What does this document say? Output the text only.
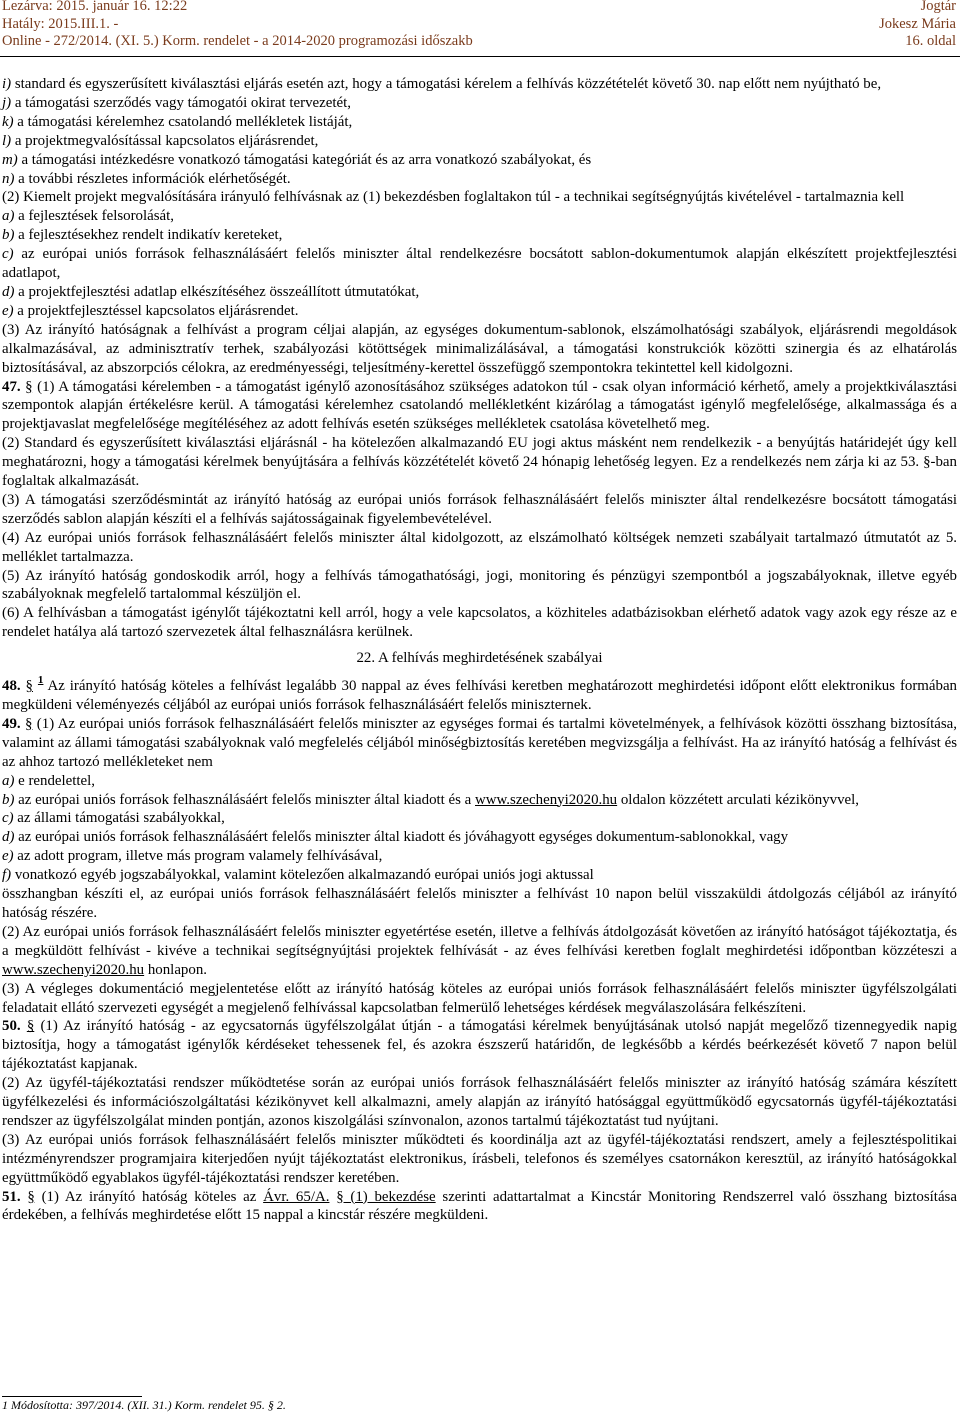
Lezárva: 2015. január 16. 12:22
Hatály: 2015.III.1. -
Online - 272/2014. (XI. 5.) Korm. rendelet - a 2014-2020 programozási időszakb
Jogtár
Jokesz Mária
16. oldal

i) standard és egyszerűsített kiválasztási eljárás esetén azt, hogy a támogatási kérelem a felhívás közzétételét követő 30. nap előtt nem nyújtható be,

j) a támogatási szerződés vagy támogatói okirat tervezetét,

k) a támogatási kérelemhez csatolandó mellékletek listáját,

l) a projektmegvalósítással kapcsolatos eljárásrendet,

m) a támogatási intézkedésre vonatkozó támogatási kategóriát és az arra vonatkozó szabályokat, és

n) a további részletes információk elérhetőségét.

(2) Kiemelt projekt megvalósítására irányuló felhívásnak az (1) bekezdésben foglaltakon túl - a technikai segítségnyújtás kivételével - tartalmaznia kell

a) a fejlesztések felsorolását,

b) a fejlesztésekhez rendelt indikatív kereteket,

c) az európai uniós források felhasználásáért felelős miniszter által rendelkezésre bocsátott sablon-dokumentumok alapján elkészített projektfejlesztési adatlapot,

d) a projektfejlesztési adatlap elkészítéséhez összeállított útmutatókat,

e) a projektfejlesztéssel kapcsolatos eljárásrendet.

(3) Az irányító hatóságnak a felhívást a program céljai alapján, az egységes dokumentum-sablonok, elszámolhatósági szabályok, eljárásrendi megoldások alkalmazásával, az adminisztratív terhek, szabályozási kötöttségek minimalizálásával, a támogatási konstrukciók közötti szinergia és az elhatárolás biztosításával, az abszorpciós célokra, az eredményességi, teljesítmény-kerettel összefüggő szempontokra tekintettel kell kidolgozni.

47. § (1) A támogatási kérelemben - a támogatást igénylő azonosításához szükséges adatokon túl - csak olyan információ kérhető, amely a projektkiválasztási szempontok alapján értékelésre kerül. A támogatási kérelemhez csatolandó mellékletként kizárólag a támogatást igénylő megfelelősége, alkalmassága és a projektjavaslat megfelelősége megítéléséhez az adott felhívás esetén szükséges mellékletek csatolása követelhető meg.

(2) Standard és egyszerűsített kiválasztási eljárásnál - ha kötelezően alkalmazandó EU jogi aktus másként nem rendelkezik - a benyújtás határidejét úgy kell meghatározni, hogy a támogatási kérelmek benyújtására a felhívás közzétételét követő 24 hónapig lehetőség legyen. Ez a rendelkezés nem zárja ki az 53. §-ban foglaltak alkalmazását.

(3) A támogatási szerződésmintát az irányító hatóság az európai uniós források felhasználásáért felelős miniszter által rendelkezésre bocsátott támogatási szerződés sablon alapján készíti el a felhívás sajátosságainak figyelembevételével.

(4) Az európai uniós források felhasználásáért felelős miniszter által kidolgozott, az elszámolható költségek nemzeti szabályait tartalmazó útmutatót az 5. melléklet tartalmazza.

(5) Az irányító hatóság gondoskodik arról, hogy a felhívás támogathatósági, jogi, monitoring és pénzügyi szempontból a jogszabályoknak, illetve egyéb szabályoknak megfelelő tartalommal készüljön el.

(6) A felhívásban a támogatást igénylőt tájékoztatni kell arról, hogy a vele kapcsolatos, a közhiteles adatbázisokban elérhető adatok vagy azok egy része az e rendelet hatálya alá tartozó szervezetek által felhasználásra kerülnek.

22. A felhívás meghirdetésének szabályai

48. § $^1$ Az irányító hatóság köteles a felhívást legalább 30 nappal az éves felhívási keretben meghatározott meghirdetési időpont előtt elektronikus formában megküldeni véleményezés céljából az európai uniós források felhasználásáért felelős miniszternek.

49. § (1) Az európai uniós források felhasználásáért felelős miniszter az egységes formai és tartalmi követelmények, a felhívások közötti összhang biztosítása, valamint az állami támogatási szabályoknak való megfelelés céljából minőségbiztosítás keretében megvizsgálja a felhívást. Ha az irányító hatóság a felhívást és az ahhoz tartozó mellékleteket nem

a) e rendelettel,

b) az európai uniós források felhasználásáért felelős miniszter által kiadott és a www.szechenyi2020.hu oldalon közzétett arculati kézikönyvvel,

c) az állami támogatási szabályokkal,

d) az európai uniós források felhasználásáért felelős miniszter által kiadott és jóváhagyott egységes dokumentum-sablonokkal, vagy

e) az adott program, illetve más program valamely felhívásával,

f) vonatkozó egyéb jogszabályokkal, valamint kötelezően alkalmazandó európai uniós jogi aktussal

összhangban készíti el, az európai uniós források felhasználásáért felelős miniszter a felhívást 10 napon belül visszaküldi átdolgozás céljából az irányító hatóság részére.

(2) Az európai uniós források felhasználásáért felelős miniszter egyetértése esetén, illetve a felhívás átdolgozását követően az irányító hatóságot tájékoztatja, és a megküldött felhívást - kivéve a technikai segítségnyújtási projektek felhívását - az éves felhívási keretben foglalt meghirdetési időpontban közzéteszi a www.szechenyi2020.hu honlapon.

(3) A végleges dokumentáció megjelentetése előtt az irányító hatóság köteles az európai uniós források felhasználásáért felelős miniszter ügyfélszolgálati feladatait ellátó szervezeti egységét a megjelenő felhívással kapcsolatban felmerülő lehetséges kérdések megválaszolására felkészíteni.

50. § (1) Az irányító hatóság - az egycsatornás ügyfélszolgálat útján - a támogatási kérelmek benyújtásának utolsó napját megelőző tizennegyedik napig biztosítja, hogy a támogatást igénylők kérdéseket tehessenek fel, és azokra észszerű határidőn, de legkésőbb a kérdés beérkezését követő 7 napon belül tájékoztatást kapjanak.

(2) Az ügyfél-tájékoztatási rendszer működtetése során az európai uniós források felhasználásáért felelős miniszter az irányító hatóság számára készített ügyfélkezelési és információszolgáltatási kézikönyvet kell alkalmazni, amely alapján az irányító hatósággal együttműködő egycsatornás ügyfél-tájékoztatási rendszer az ügyfélszolgálat minden pontján, azonos kiszolgálási színvonalon, azonos tartalmú tájékoztatást tud nyújtani.

(3) Az európai uniós források felhasználásáért felelős miniszter működteti és koordinálja azt az ügyfél-tájékoztatási rendszert, amely a fejlesztéspolitikai intézményrendszer programjaira kiterjedően nyújt tájékoztatást elektronikus, írásbeli, telefonos és személyes csatornákon keresztül, az irányító hatóságokkal együttműködő egyablakos ügyfél-tájékoztatási rendszer keretében.

51. § (1) Az irányító hatóság köteles az Ávr. 65/A. § (1) bekezdése szerinti adattartalmat a Kincstár Monitoring Rendszerrel való összhang biztosítása érdekében, a felhívás meghirdetése előtt 15 nappal a kincstár részére megküldeni.

1 Módosította: 397/2014. (XII. 31.) Korm. rendelet 95. § 2.
